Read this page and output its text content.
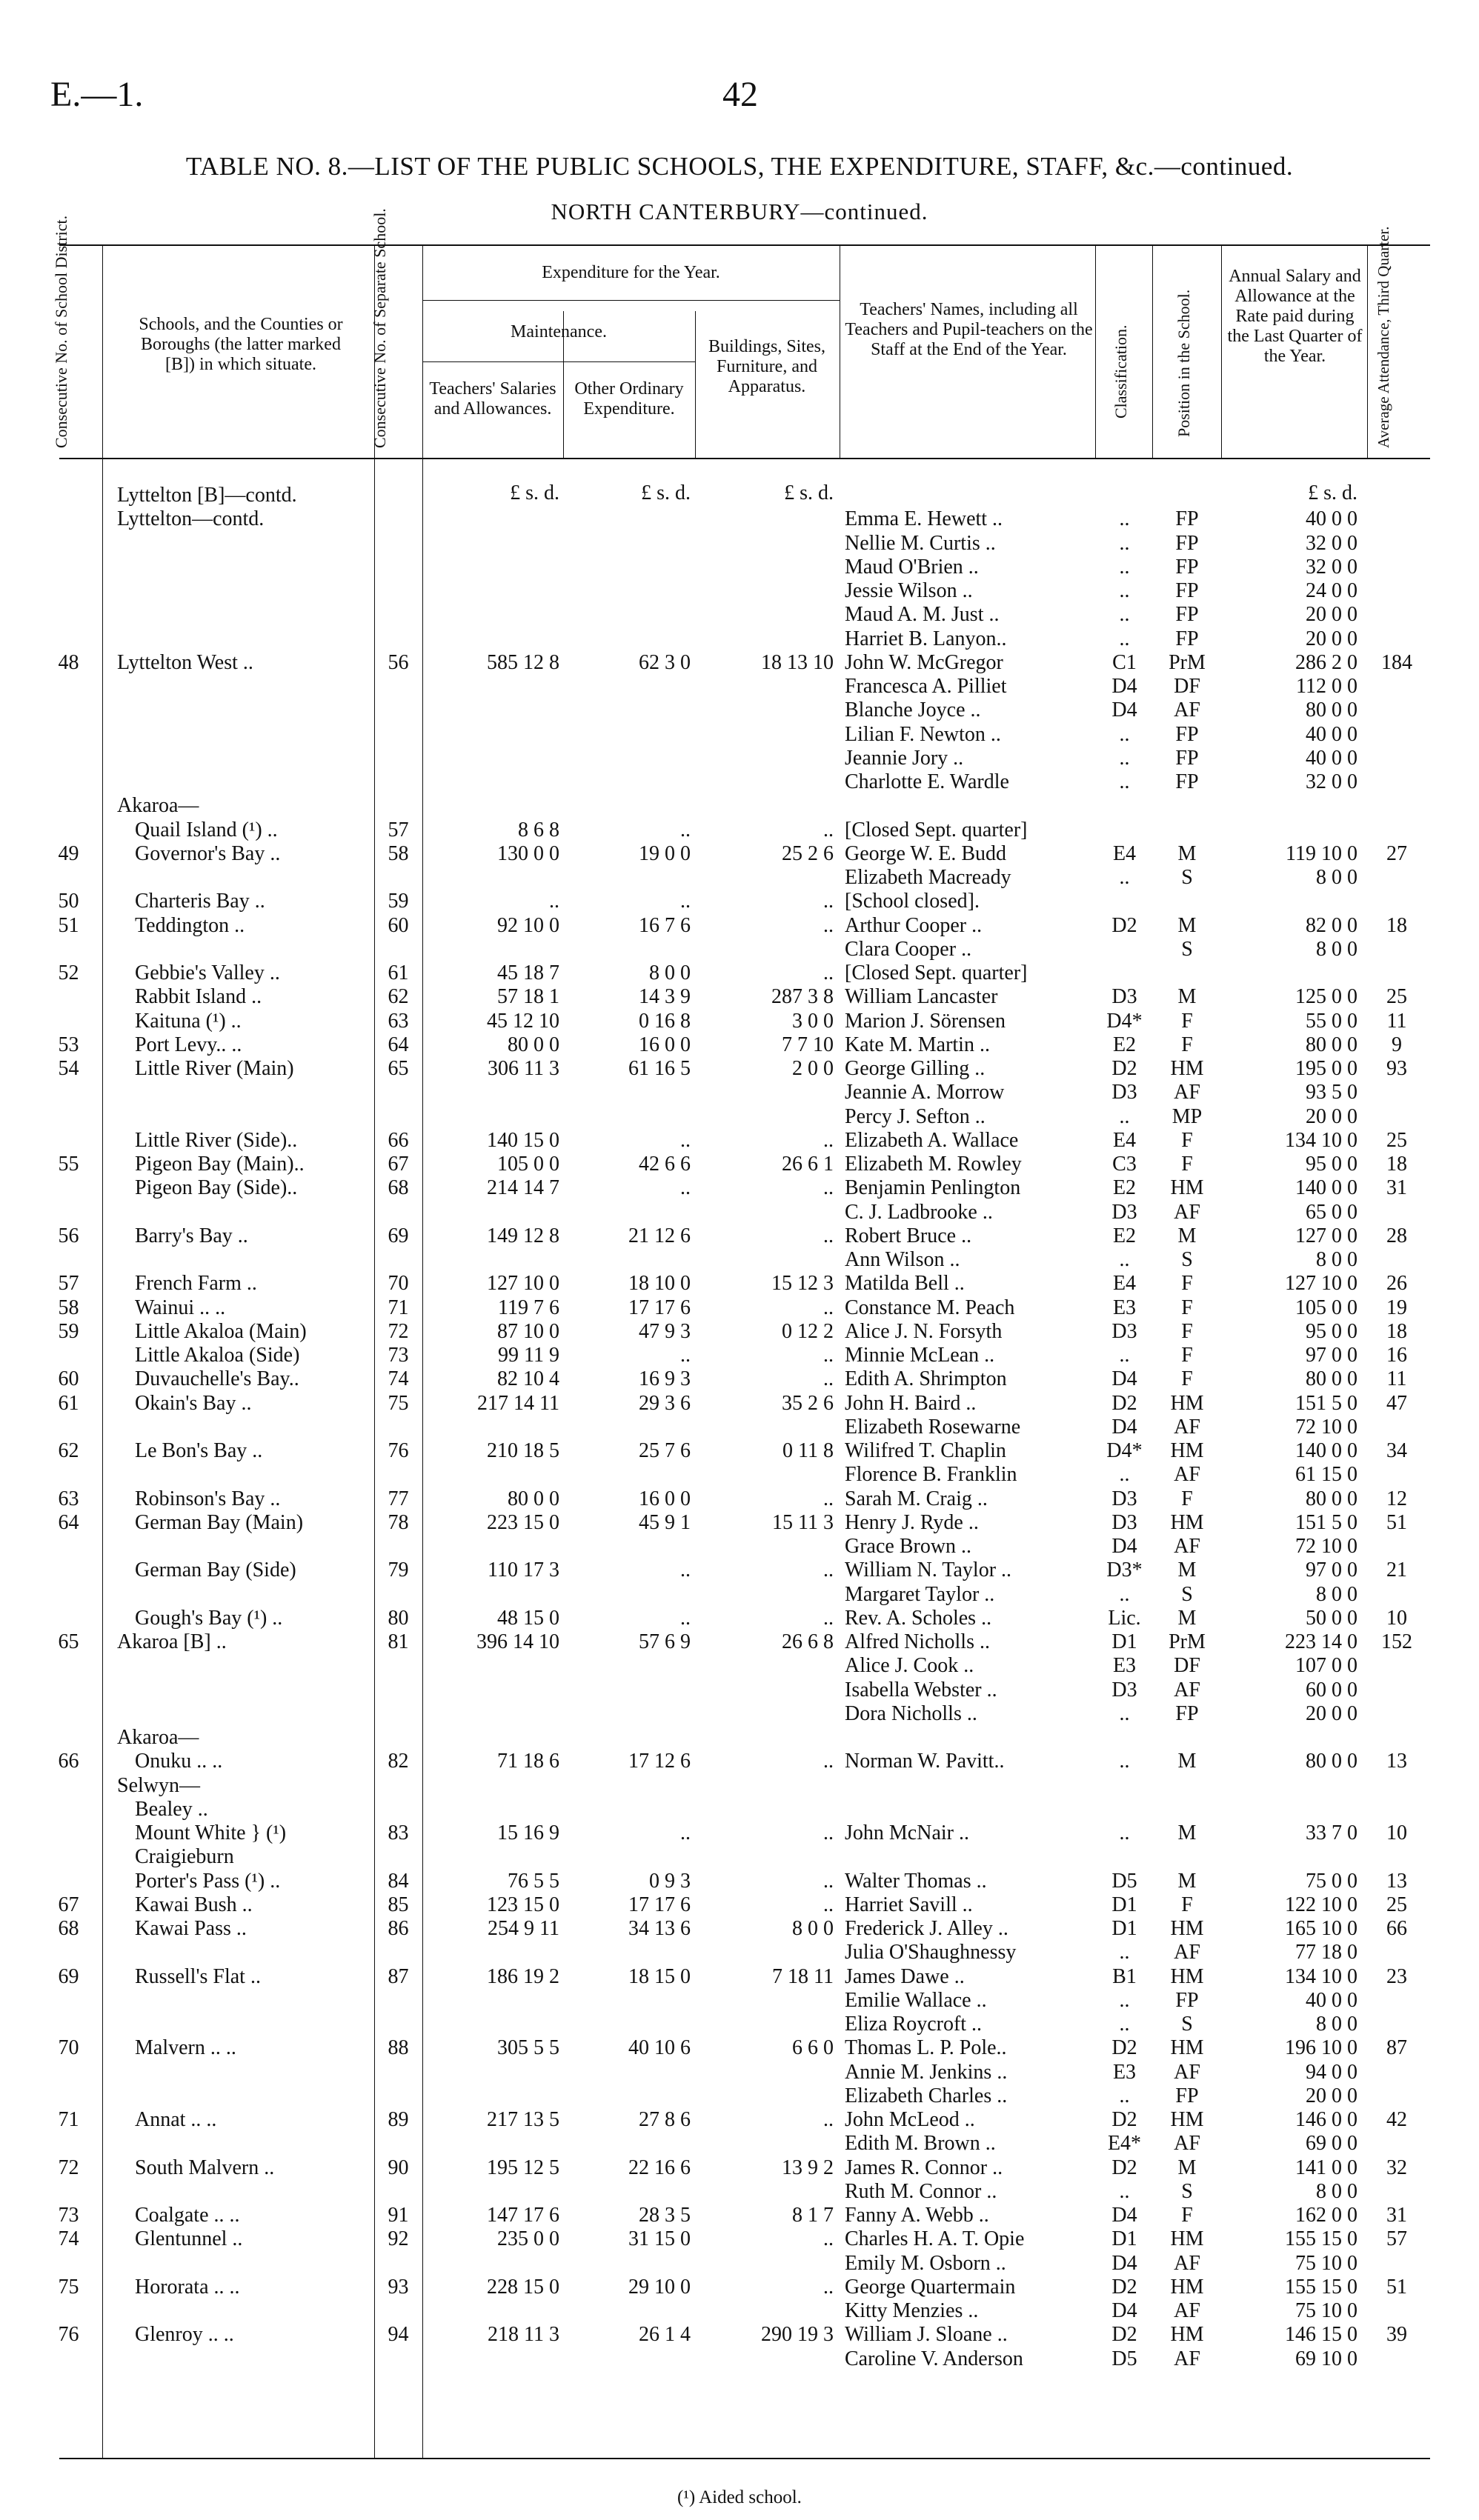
E.—1.	42
TABLE NO. 8.—LIST OF THE PUBLIC SCHOOLS, THE EXPENDITURE, STAFF, &c.—continued.
NORTH CANTERBURY—continued.
Consecutive No. of School District.	Schools, and the Counties or Boroughs (the latter marked [B]) in which situate.	Consecutive No. of Separate School.	Expenditure for the Year.
Maintenance.
Teachers' Salaries and Allowances.
Other Ordinary Expenditure.
Buildings, Sites, Furniture, and Apparatus.
Teachers' Names, including all Teachers and Pupil-teachers on the Staff at the End of the Year.	Classification.	Position in the School.
Annual Salary and Allowance at the Rate paid during the Last Quarter of the Year.	Average Attendance, Third Quarter.
£ s. d.	£ s. d.	£ s. d.	£ s. d.
Lyttelton [B]—contd.
Lyttelton—contd.	Emma E. Hewett ..	..	FP	40 0 0
Nellie M. Curtis ..	..	FP	32 0 0
Maud O'Brien ..	..	FP	32 0 0
Jessie Wilson ..	..	FP	24 0 0
Maud A. M. Just ..	..	FP	20 0 0
Harriet B. Lanyon..	..	FP	20 0 0
48	Lyttelton West ..	56	585 12 8	62 3 0	18 13 10 John W. McGregor	C1	PrM	286 2 0	184
Francesca A. Pilliet	D4	DF	112 0 0
Blanche Joyce ..	D4	AF	80 0 0
Lilian F. Newton ..	..	FP	40 0 0
Jeannie Jory ..	..	FP	40 0 0
Charlotte E. Wardle	..	FP	32 0 0
Akaroa—
Quail Island (¹) ..	57	8 6 8	..	.. [Closed Sept. quarter]
49	Governor's Bay ..	58	130 0 0	19 0 0	25 2 6 George W. E. Budd	E4	M	119 10 0	27
Elizabeth Macready	..	S	8 0 0
50	Charteris Bay ..	59	..	..	.. [School closed].
51	Teddington ..	60	92 10 0	16 7 6	.. Arthur Cooper ..	D2	M	82 0 0	18
Clara Cooper ..	S	8 0 0
52	Gebbie's Valley ..	61	45 18 7	8 0 0	.. [Closed Sept. quarter]
Rabbit Island ..	62	57 18 1	14 3 9	287 3 8 William Lancaster	D3	M	125 0 0	25
Kaituna (¹) ..	63	45 12 10	0 16 8	3 0 0 Marion J. Sörensen	D4*	F	55 0 0	11
53	Port Levy.. ..	64	80 0 0	16 0 0	7 7 10 Kate M. Martin ..	E2	F	80 0 0	9
54	Little River (Main)	65	306 11 3	61 16 5	2 0 0 George Gilling ..	D2	HM	195 0 0	93
Jeannie A. Morrow	D3	AF	93 5 0
Percy J. Sefton ..	..	MP	20 0 0
Little River (Side)..	66	140 15 0	..	.. Elizabeth A. Wallace	E4	F	134 10 0	25
55	Pigeon Bay (Main)..	67	105 0 0	42 6 6	26 6 1 Elizabeth M. Rowley	C3	F	95 0 0	18
Pigeon Bay (Side)..	68	214 14 7	..	.. Benjamin Penlington	E2	HM	140 0 0	31
C. J. Ladbrooke ..	D3	AF	65 0 0
56	Barry's Bay ..	69	149 12 8	21 12 6	.. Robert Bruce ..	E2	M	127 0 0	28
Ann Wilson ..	..	S	8 0 0
57	French Farm ..	70	127 10 0	18 10 0	15 12 3 Matilda Bell ..	E4	F	127 10 0	26
58	Wainui .. ..	71	119 7 6	17 17 6	.. Constance M. Peach	E3	F	105 0 0	19
59	Little Akaloa (Main)	72	87 10 0	47 9 3	0 12 2 Alice J. N. Forsyth	D3	F	95 0 0	18
Little Akaloa (Side)	73	99 11 9	..	.. Minnie McLean ..	..	F	97 0 0	16
60	Duvauchelle's Bay..	74	82 10 4	16 9 3	.. Edith A. Shrimpton	D4	F	80 0 0	11
61	Okain's Bay ..	75	217 14 11	29 3 6	35 2 6 John H. Baird ..	D2	HM	151 5 0	47
Elizabeth Rosewarne	D4	AF	72 10 0
62	Le Bon's Bay ..	76	210 18 5	25 7 6	0 11 8 Wilifred T. Chaplin	D4*	HM	140 0 0	34
Florence B. Franklin	..	AF	61 15 0
63	Robinson's Bay ..	77	80 0 0	16 0 0	.. Sarah M. Craig ..	D3	F	80 0 0	12
64	German Bay (Main)	78	223 15 0	45 9 1	15 11 3 Henry J. Ryde ..	D3	HM	151 5 0	51
Grace Brown ..	D4	AF	72 10 0
German Bay (Side)	79	110 17 3	..	.. William N. Taylor ..	D3*	M	97 0 0	21
Margaret Taylor ..	..	S	8 0 0
Gough's Bay (¹) ..	80	48 15 0	..	.. Rev. A. Scholes ..	Lic.	M	50 0 0	10
65	Akaroa [B] ..	81	396 14 10	57 6 9	26 6 8 Alfred Nicholls ..	D1	PrM	223 14 0	152
Alice J. Cook ..	E3	DF	107 0 0
Isabella Webster ..	D3	AF	60 0 0
Dora Nicholls ..	..	FP	20 0 0
Akaroa—
66	Onuku .. ..	82	71 18 6	17 12 6	.. Norman W. Pavitt..	..	M	80 0 0	13
Selwyn—
Bealey ..
Mount White } (¹)	83	15 16 9	..	.. John McNair ..	..	M	33 7 0	10
Craigieburn
Porter's Pass (¹) ..	84	76 5 5	0 9 3	.. Walter Thomas ..	D5	M	75 0 0	13
67	Kawai Bush ..	85	123 15 0	17 17 6	.. Harriet Savill ..	D1	F	122 10 0	25
68	Kawai Pass ..	86	254 9 11	34 13 6	8 0 0 Frederick J. Alley ..	D1	HM	165 10 0	66
Julia O'Shaughnessy	..	AF	77 18 0
69	Russell's Flat ..	87	186 19 2	18 15 0	7 18 11 James Dawe ..	B1	HM	134 10 0	23
Emilie Wallace ..	..	FP	40 0 0
Eliza Roycroft ..	..	S	8 0 0
70	Malvern .. ..	88	305 5 5	40 10 6	6 6 0 Thomas L. P. Pole..	D2	HM	196 10 0	87
Annie M. Jenkins ..	E3	AF	94 0 0
Elizabeth Charles ..	..	FP	20 0 0
71	Annat .. ..	89	217 13 5	27 8 6	.. John McLeod ..	D2	HM	146 0 0	42
Edith M. Brown ..	E4*	AF	69 0 0
72	South Malvern ..	90	195 12 5	22 16 6	13 9 2 James R. Connor ..	D2	M	141 0 0	32
Ruth M. Connor ..	..	S	8 0 0
73	Coalgate .. ..	91	147 17 6	28 3 5	8 1 7 Fanny A. Webb ..	D4	F	162 0 0	31
74	Glentunnel ..	92	235 0 0	31 15 0	.. Charles H. A. T. Opie	D1	HM	155 15 0	57
Emily M. Osborn ..	D4	AF	75 10 0
75	Hororata .. ..	93	228 15 0	29 10 0	.. George Quartermain	D2	HM	155 15 0	51
Kitty Menzies ..	D4	AF	75 10 0
76	Glenroy .. ..	94	218 11 3	26 1 4	290 19 3 William J. Sloane ..	D2	HM	146 15 0	39
Caroline V. Anderson	D5	AF	69 10 0
(¹) Aided school.
